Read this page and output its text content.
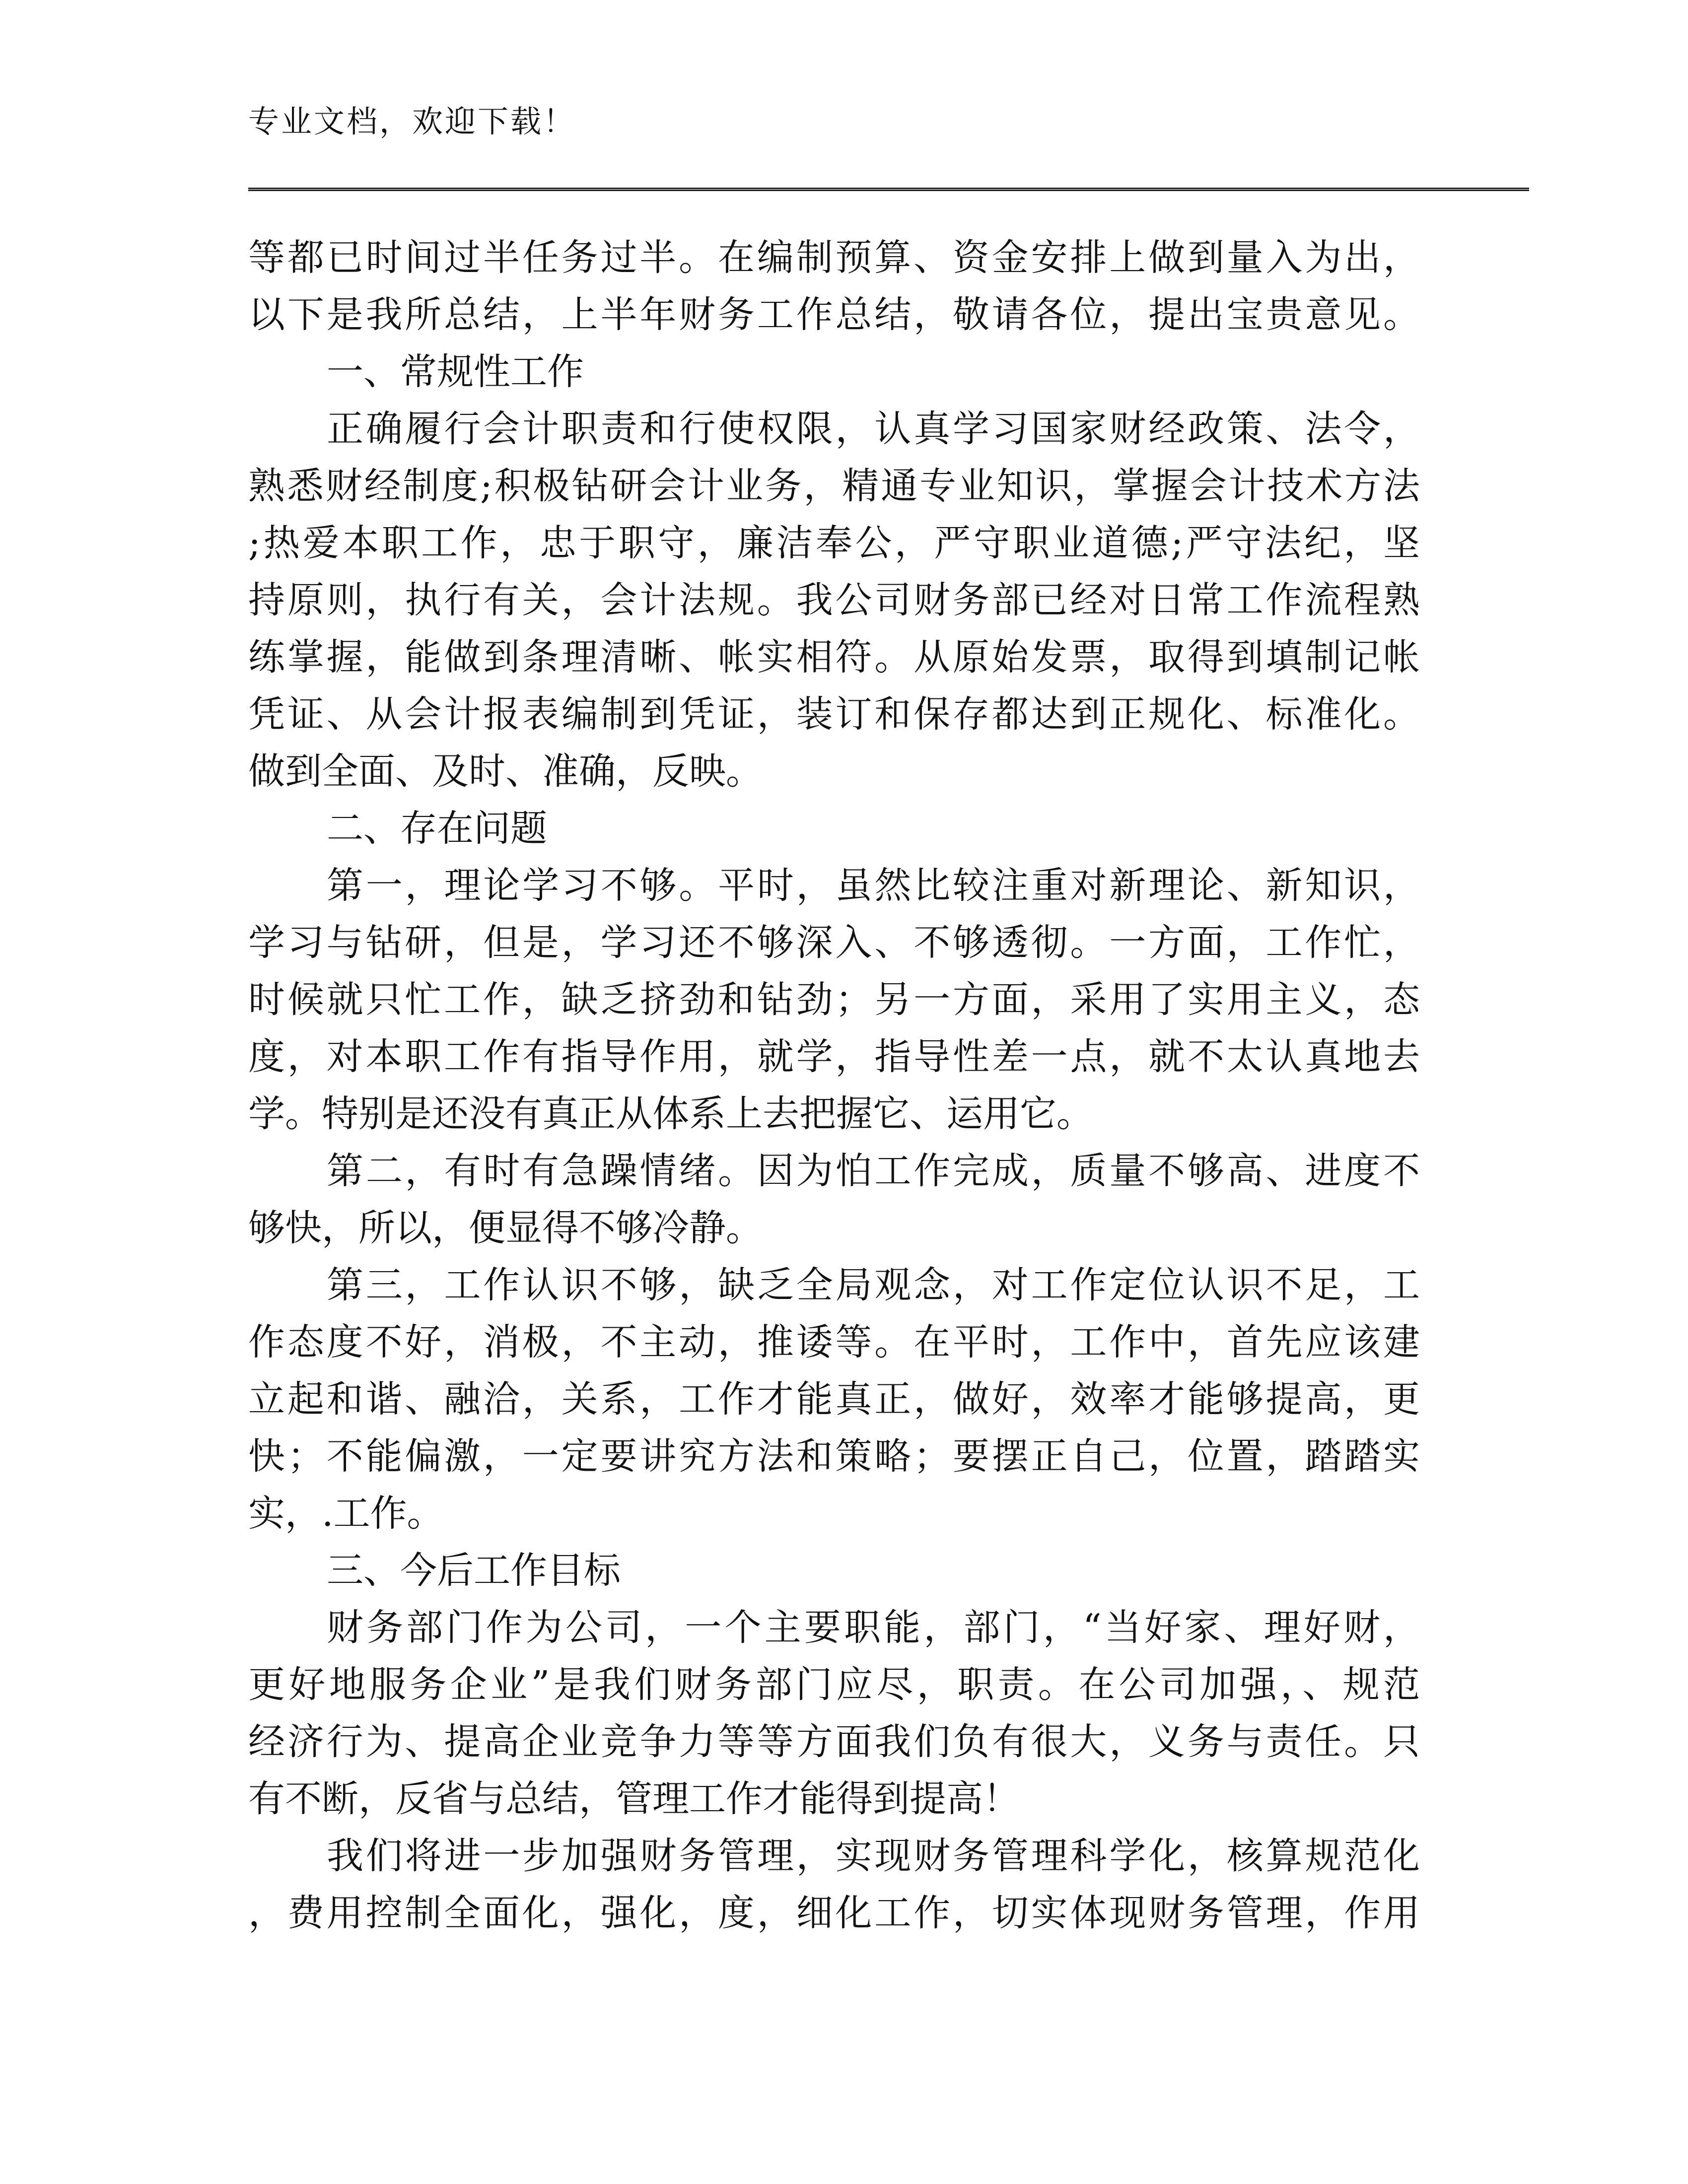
专业文档，欢迎下载！
等都已时间过半任务过半。在编制预算、资金安排上做到量入为出，
以下是我所总结，上半年财务工作总结，敬请各位，提出宝贵意见。
一、常规性工作
正确履行会计职责和行使权限，认真学习国家财经政策、法令，
熟悉财经制度;积极钻研会计业务，精通专业知识，掌握会计技术方法
;热爱本职工作，忠于职守，廉洁奉公，严守职业道德;严守法纪，坚
持原则，执行有关，会计法规。我公司财务部已经对日常工作流程熟
练掌握，能做到条理清晰、帐实相符。从原始发票，取得到填制记帐
凭证、从会计报表编制到凭证，装订和保存都达到正规化、标准化。
做到全面、及时、准确，反映。
二、存在问题
第一，理论学习不够。平时，虽然比较注重对新理论、新知识，
学习与钻研，但是，学习还不够深入、不够透彻。一方面，工作忙，
时候就只忙工作，缺乏挤劲和钻劲；另一方面，采用了实用主义，态
度，对本职工作有指导作用，就学，指导性差一点，就不太认真地去
学。特别是还没有真正从体系上去把握它、运用它。
第二，有时有急躁情绪。因为怕工作完成，质量不够高、进度不
够快，所以，便显得不够冷静。
第三，工作认识不够，缺乏全局观念，对工作定位认识不足，工
作态度不好，消极，不主动，推诿等。在平时，工作中，首先应该建
立起和谐、融洽，关系，工作才能真正，做好，效率才能够提高，更
快；不能偏激，一定要讲究方法和策略；要摆正自己，位置，踏踏实
实，.工作。
三、今后工作目标
财务部门作为公司，一个主要职能，部门，“当好家、理好财，
更好地服务企业”是我们财务部门应尽，职责。在公司加强，、规范
经济行为、提高企业竞争力等等方面我们负有很大，义务与责任。只
有不断，反省与总结，管理工作才能得到提高！
我们将进一步加强财务管理，实现财务管理科学化，核算规范化
，费用控制全面化，强化，度，细化工作，切实体现财务管理，作用
